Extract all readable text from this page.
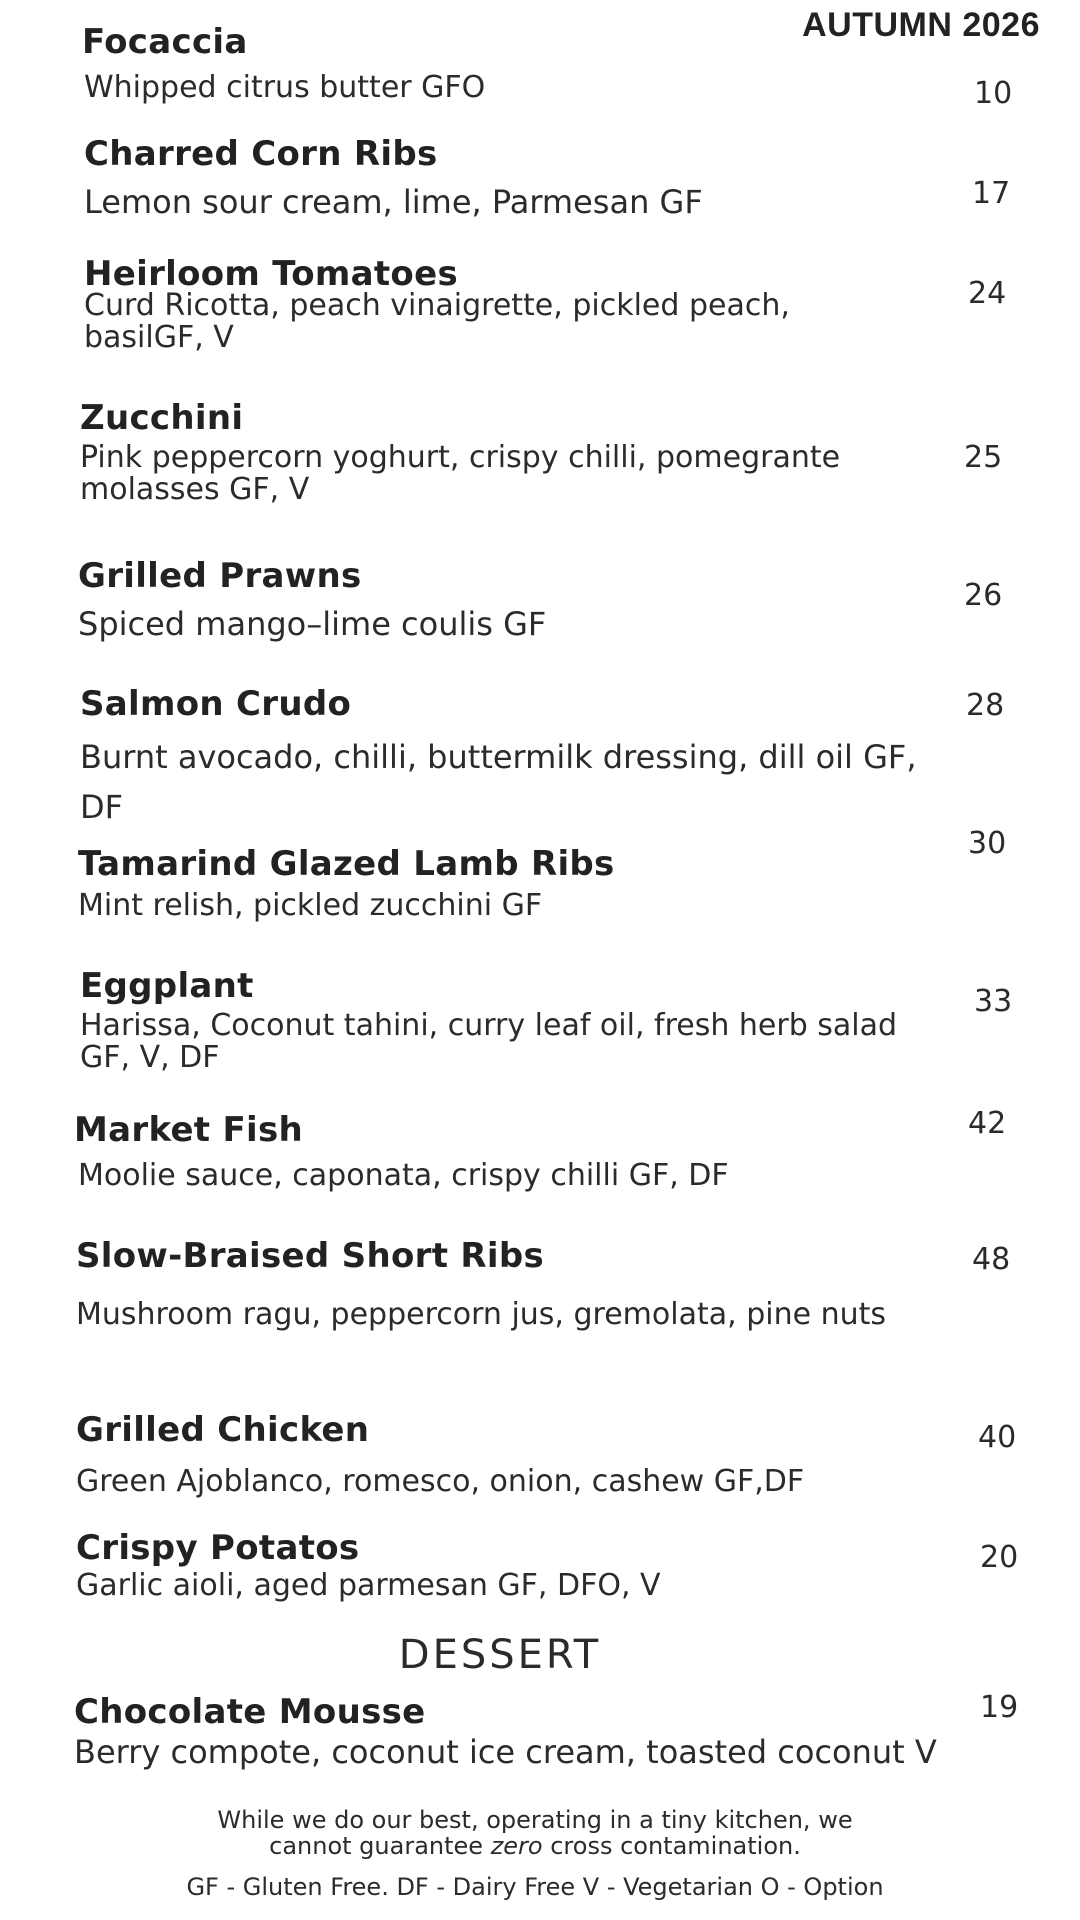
AUTUMN 2026
Focaccia
Whipped citrus butter GFO	10
Charred Corn Ribs
Lemon sour cream, lime, Parmesan GF	17
Heirloom Tomatoes
Curd Ricotta, peach vinaigrette, pickled peach, basilGF, V
24
Zucchini
Pink peppercorn yoghurt, crispy chilli, pomegrante molasses GF, V
25
Grilled Prawns
Spiced mango–lime coulis GF
26
Salmon Crudo
Burnt avocado, chilli, buttermilk dressing, dill oil GF, DF
28
Tamarind Glazed Lamb Ribs
Mint relish, pickled zucchini GF
30
Eggplant
Harissa, Coconut tahini, curry leaf oil, fresh herb salad GF, V, DF
33
Market Fish
Moolie sauce, caponata, crispy chilli GF, DF
42
Slow-Braised Short Ribs
Mushroom ragu, peppercorn jus, gremolata, pine nuts
48
Grilled Chicken
Green Ajoblanco, romesco, onion, cashew GF,DF
40
Crispy Potatos
Garlic aioli, aged parmesan GF, DFO, V
20
DESSERT
Chocolate Mousse
Berry compote, coconut ice cream, toasted coconut V
19
While we do our best, operating in a tiny kitchen, we
cannot guarantee zero cross contamination.
GF - Gluten Free. DF - Dairy Free V - Vegetarian O - Option
